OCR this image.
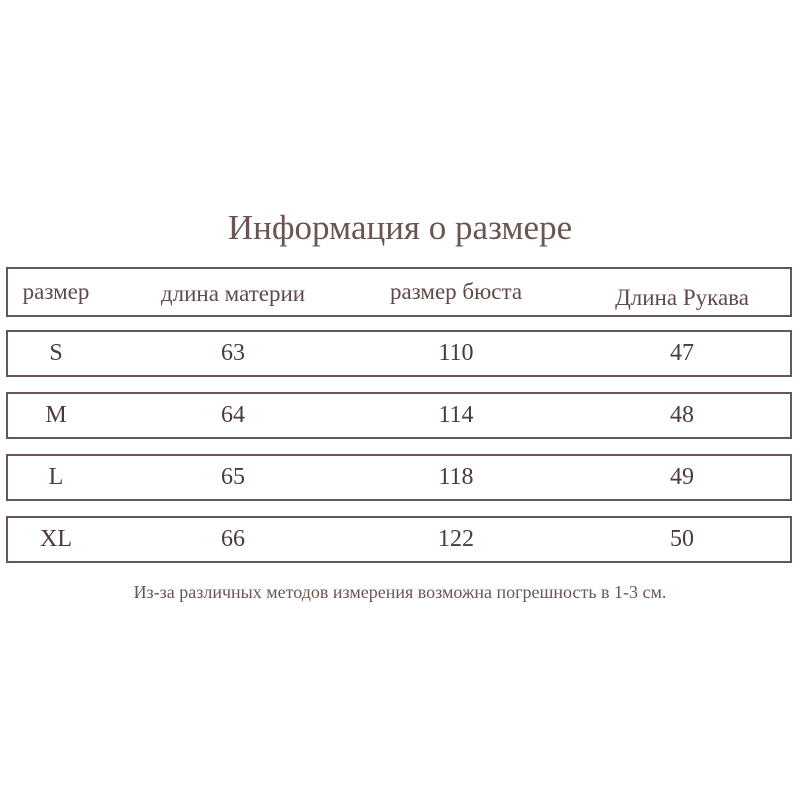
Информация о размере
размер	длина материи	размер бюста	Длина Рукава
S	63	110	47
M	64	114	48
L	65	118	49
XL	66	122	50
Из-за различных методов измерения возможна погрешность в 1-3 см.
